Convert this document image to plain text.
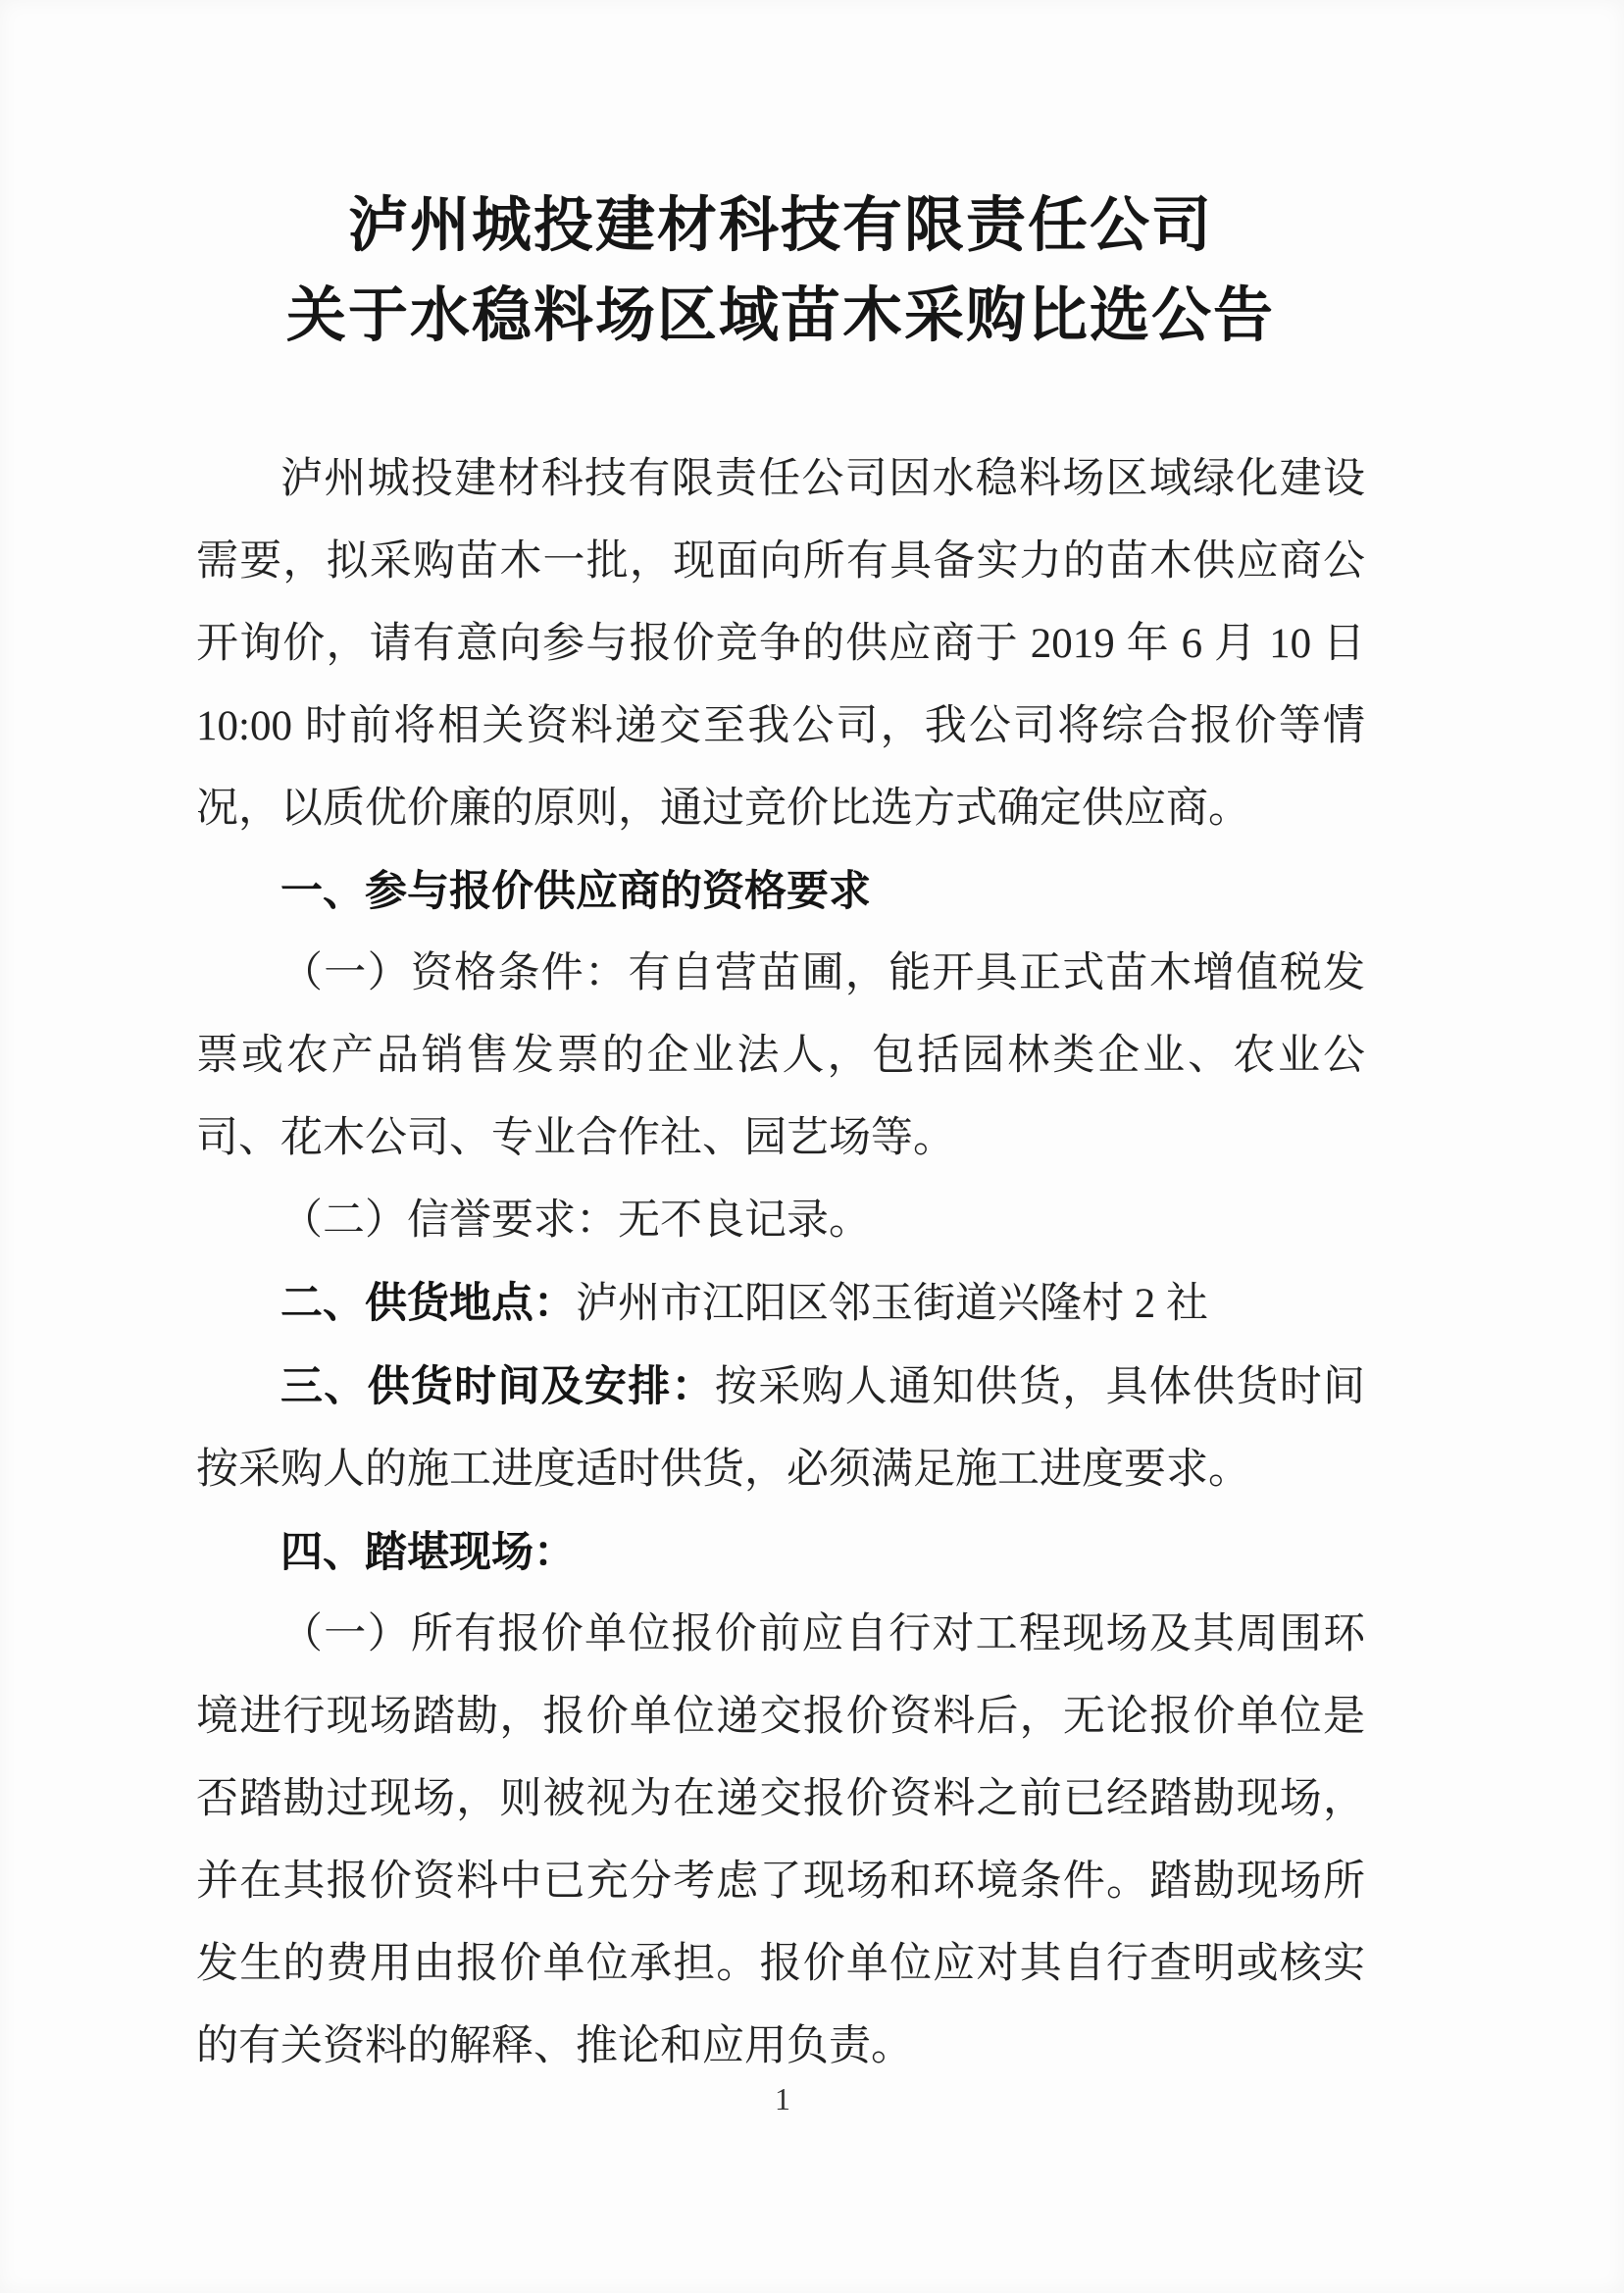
泸州城投建材科技有限责任公司
关于水稳料场区域苗木采购比选公告

泸州城投建材科技有限责任公司因水稳料场区域绿化建设需要，拟采购苗木一批，现面向所有具备实力的苗木供应商公开询价，请有意向参与报价竞争的供应商于 2019 年 6 月 10 日 10:00 时前将相关资料递交至我公司，我公司将综合报价等情况，以质优价廉的原则，通过竞价比选方式确定供应商。

一、参与报价供应商的资格要求

（一）资格条件：有自营苗圃，能开具正式苗木增值税发票或农产品销售发票的企业法人，包括园林类企业、农业公司、花木公司、专业合作社、园艺场等。

（二）信誉要求：无不良记录。

二、供货地点：泸州市江阳区邻玉街道兴隆村 2 社

三、供货时间及安排：按采购人通知供货，具体供货时间按采购人的施工进度适时供货，必须满足施工进度要求。

四、踏堪现场：

（一）所有报价单位报价前应自行对工程现场及其周围环境进行现场踏勘，报价单位递交报价资料后，无论报价单位是否踏勘过现场，则被视为在递交报价资料之前已经踏勘现场，并在其报价资料中已充分考虑了现场和环境条件。踏勘现场所发生的费用由报价单位承担。报价单位应对其自行查明或核实的有关资料的解释、推论和应用负责。

1
